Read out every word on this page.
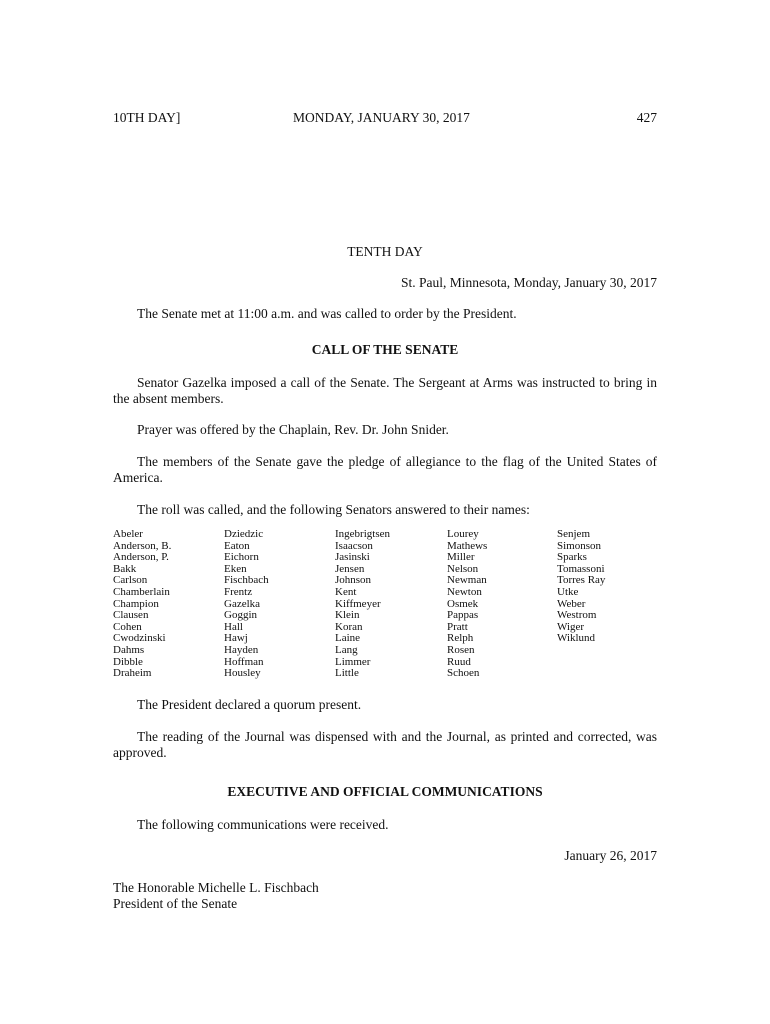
10TH DAY]	MONDAY, JANUARY 30, 2017	427
TENTH DAY
St. Paul, Minnesota, Monday, January 30, 2017
The Senate met at 11:00 a.m. and was called to order by the President.
CALL OF THE SENATE
Senator Gazelka imposed a call of the Senate. The Sergeant at Arms was instructed to bring in the absent members.
Prayer was offered by the Chaplain, Rev. Dr. John Snider.
The members of the Senate gave the pledge of allegiance to the flag of the United States of America.
The roll was called, and the following Senators answered to their names:
Abeler
Anderson, B.
Anderson, P.
Bakk
Carlson
Chamberlain
Champion
Clausen
Cohen
Cwodzinski
Dahms
Dibble
Draheim
Dziedzic
Eaton
Eichorn
Eken
Fischbach
Frentz
Gazelka
Goggin
Hall
Hawj
Hayden
Hoffman
Housley
Ingebrigtsen
Isaacson
Jasinski
Jensen
Johnson
Kent
Kiffmeyer
Klein
Koran
Laine
Lang
Limmer
Little
Lourey
Mathews
Miller
Nelson
Newman
Newton
Osmek
Pappas
Pratt
Relph
Rosen
Ruud
Schoen
Senjem
Simonson
Sparks
Tomassoni
Torres Ray
Utke
Weber
Westrom
Wiger
Wiklund
The President declared a quorum present.
The reading of the Journal was dispensed with and the Journal, as printed and corrected, was approved.
EXECUTIVE AND OFFICIAL COMMUNICATIONS
The following communications were received.
January 26, 2017
The Honorable Michelle L. Fischbach
President of the Senate
